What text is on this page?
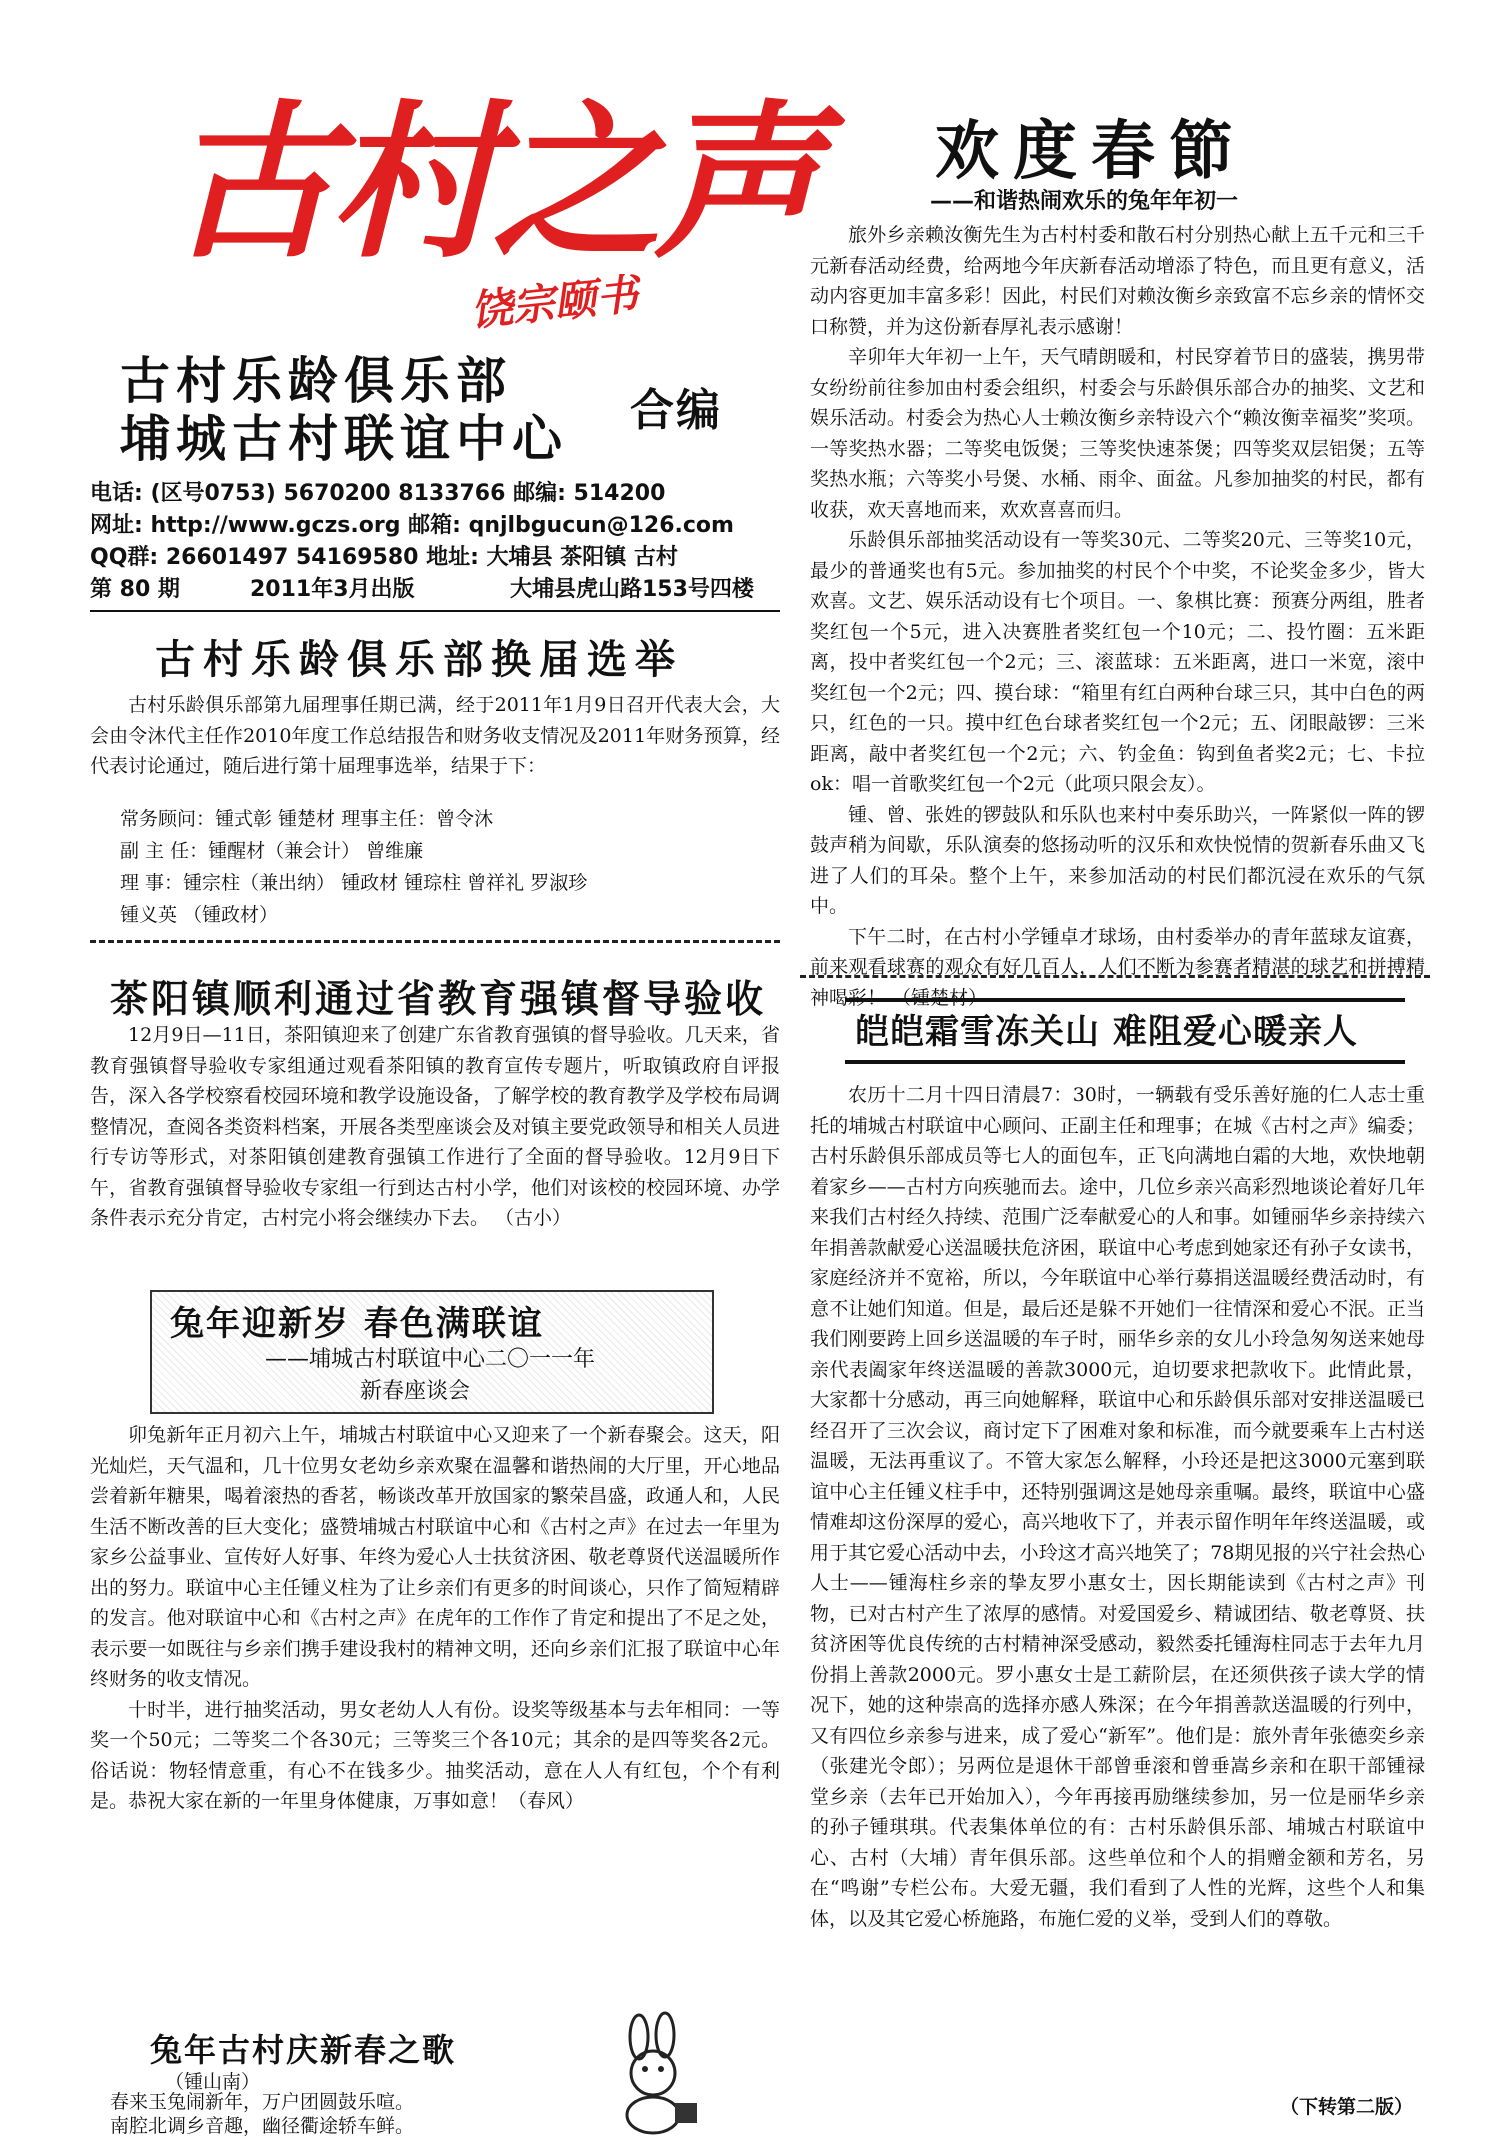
古村之声
饶宗颐书
古村乐龄俱乐部
埔城古村联谊中心 合编
电话: (区号0753) 5670200 8133766 邮编: 514200
网址: http://www.gczs.org 邮箱: qnjlbgucun@126.com
QQ群: 26601497 54169580 地址: 大埔县 茶阳镇 古村
第 80 期	2011年3月出版	大埔县虎山路153号四楼
古村乐龄俱乐部换届选举

古村乐龄俱乐部第九届理事任期已满，经于2011年1月9日召开代表大会，大会由令沐代主任作2010年度工作总结报告和财务收支情况及2011年财务预算，经代表讨论通过，随后进行第十届理事选举，结果于下：

常务顾问：锺式彰 锺楚材 理事主任：曾令沐
副 主 任：锺醒材（兼会计） 曾维廉
理 事：锺宗柱（兼出纳） 锺政材 锺琮柱 曾祥礼 罗淑珍
锺义英 （锺政材）
茶阳镇顺利通过省教育强镇督导验收

12月9日—11日，茶阳镇迎来了创建广东省教育强镇的督导验收。几天来，省教育强镇督导验收专家组通过观看茶阳镇的教育宣传专题片，听取镇政府自评报告，深入各学校察看校园环境和教学设施设备，了解学校的教育教学及学校布局调整情况，查阅各类资料档案，开展各类型座谈会及对镇主要党政领导和相关人员进行专访等形式，对茶阳镇创建教育强镇工作进行了全面的督导验收。12月9日下午，省教育强镇督导验收专家组一行到达古村小学，他们对该校的校园环境、办学条件表示充分肯定，古村完小将会继续办下去。 （古小）

兔年迎新岁 春色满联谊
——埔城古村联谊中心二〇一一年
新春座谈会

卯兔新年正月初六上午，埔城古村联谊中心又迎来了一个新春聚会。这天，阳光灿烂，天气温和，几十位男女老幼乡亲欢聚在温馨和谐热闹的大厅里，开心地品尝着新年糖果，喝着滚热的香茗，畅谈改革开放国家的繁荣昌盛，政通人和，人民生活不断改善的巨大变化；盛赞埔城古村联谊中心和《古村之声》在过去一年里为家乡公益事业、宣传好人好事、年终为爱心人士扶贫济困、敬老尊贤代送温暖所作出的努力。联谊中心主任锺义柱为了让乡亲们有更多的时间谈心，只作了简短精辟的发言。他对联谊中心和《古村之声》在虎年的工作作了肯定和提出了不足之处，表示要一如既往与乡亲们携手建设我村的精神文明，还向乡亲们汇报了联谊中心年终财务的收支情况。

十时半，进行抽奖活动，男女老幼人人有份。设奖等级基本与去年相同：一等奖一个50元；二等奖二个各30元；三等奖三个各10元；其余的是四等奖各2元。俗话说：物轻情意重，有心不在钱多少。抽奖活动，意在人人有红包，个个有利是。恭祝大家在新的一年里身体健康，万事如意！（春风）

兔年古村庆新春之歌
（锺山南）
春来玉兔闹新年，万户团圆鼓乐喧。
南腔北调乡音趣，幽径衢途轿车鲜。
欢度春節
——和谐热闹欢乐的兔年年初一

旅外乡亲赖汝衡先生为古村村委和散石村分别热心献上五千元和三千元新春活动经费，给两地今年庆新春活动增添了特色，而且更有意义，活动内容更加丰富多彩！因此，村民们对赖汝衡乡亲致富不忘乡亲的情怀交口称赞，并为这份新春厚礼表示感谢！

辛卯年大年初一上午，天气晴朗暖和，村民穿着节日的盛装，携男带女纷纷前往参加由村委会组织，村委会与乐龄俱乐部合办的抽奖、文艺和娱乐活动。村委会为热心人士赖汝衡乡亲特设六个“赖汝衡幸福奖”奖项。一等奖热水器；二等奖电饭煲；三等奖快速茶煲；四等奖双层铝煲；五等奖热水瓶；六等奖小号煲、水桶、雨伞、面盆。凡参加抽奖的村民，都有收获，欢天喜地而来，欢欢喜喜而归。

乐龄俱乐部抽奖活动设有一等奖30元、二等奖20元、三等奖10元，最少的普通奖也有5元。参加抽奖的村民个个中奖，不论奖金多少，皆大欢喜。文艺、娱乐活动设有七个项目。一、象棋比赛：预赛分两组，胜者奖红包一个5元，进入决赛胜者奖红包一个10元；二、投竹圈：五米距离，投中者奖红包一个2元；三、滚蓝球：五米距离，进口一米宽，滚中奖红包一个2元；四、摸台球：“箱里有红白两种台球三只，其中白色的两只，红色的一只。摸中红色台球者奖红包一个2元；五、闭眼敲锣：三米距离，敲中者奖红包一个2元；六、钓金鱼：钩到鱼者奖2元；七、卡拉ok：唱一首歌奖红包一个2元（此项只限会友）。

锺、曾、张姓的锣鼓队和乐队也来村中奏乐助兴，一阵紧似一阵的锣鼓声稍为间歇，乐队演奏的悠扬动听的汉乐和欢快悦情的贺新春乐曲又飞进了人们的耳朵。整个上午，来参加活动的村民们都沉浸在欢乐的气氛中。

下午二时，在古村小学锺卓才球场，由村委举办的青年蓝球友谊赛，前来观看球赛的观众有好几百人，人们不断为参赛者精湛的球艺和拼搏精神喝彩！ （锺楚材）

皑皑霜雪冻关山 难阻爱心暖亲人

农历十二月十四日清晨7：30时，一辆载有受乐善好施的仁人志士重托的埔城古村联谊中心顾问、正副主任和理事；在城《古村之声》编委；古村乐龄俱乐部成员等七人的面包车，正飞向满地白霜的大地，欢快地朝着家乡——古村方向疾驰而去。途中，几位乡亲兴高彩烈地谈论着好几年来我们古村经久持续、范围广泛奉献爱心的人和事。如锺丽华乡亲持续六年捐善款献爱心送温暖扶危济困，联谊中心考虑到她家还有孙子女读书，家庭经济并不宽裕，所以，今年联谊中心举行募捐送温暖经费活动时，有意不让她们知道。但是，最后还是躲不开她们一往情深和爱心不泯。正当我们刚要跨上回乡送温暖的车子时，丽华乡亲的女儿小玲急匆匆送来她母亲代表阖家年终送温暖的善款3000元，迫切要求把款收下。此情此景，大家都十分感动，再三向她解释，联谊中心和乐龄俱乐部对安排送温暖已经召开了三次会议，商讨定下了困难对象和标准，而今就要乘车上古村送温暖，无法再重议了。不管大家怎么解释，小玲还是把这3000元塞到联谊中心主任锺义柱手中，还特别强调这是她母亲重嘱。最终，联谊中心盛情难却这份深厚的爱心，高兴地收下了，并表示留作明年年终送温暖，或用于其它爱心活动中去，小玲这才高兴地笑了；78期见报的兴宁社会热心人士——锺海柱乡亲的挚友罗小惠女士，因长期能读到《古村之声》刊物，已对古村产生了浓厚的感情。对爱国爱乡、精诚团结、敬老尊贤、扶贫济困等优良传统的古村精神深受感动，毅然委托锺海柱同志于去年九月份捐上善款2000元。罗小惠女士是工薪阶层，在还须供孩子读大学的情况下，她的这种崇高的选择亦感人殊深；在今年捐善款送温暖的行列中，又有四位乡亲参与进来，成了爱心“新军”。他们是：旅外青年张德奕乡亲（张建光令郎）；另两位是退休干部曾垂滚和曾垂嵩乡亲和在职干部锺禄堂乡亲（去年已开始加入），今年再接再励继续参加，另一位是丽华乡亲的孙子锺琪琪。代表集体单位的有：古村乐龄俱乐部、埔城古村联谊中心、古村（大埔）青年俱乐部。这些单位和个人的捐赠金额和芳名，另在“鸣谢”专栏公布。大爱无疆，我们看到了人性的光辉，这些个人和集体，以及其它爱心桥施路，布施仁爱的义举，受到人们的尊敬。

（下转第二版）
